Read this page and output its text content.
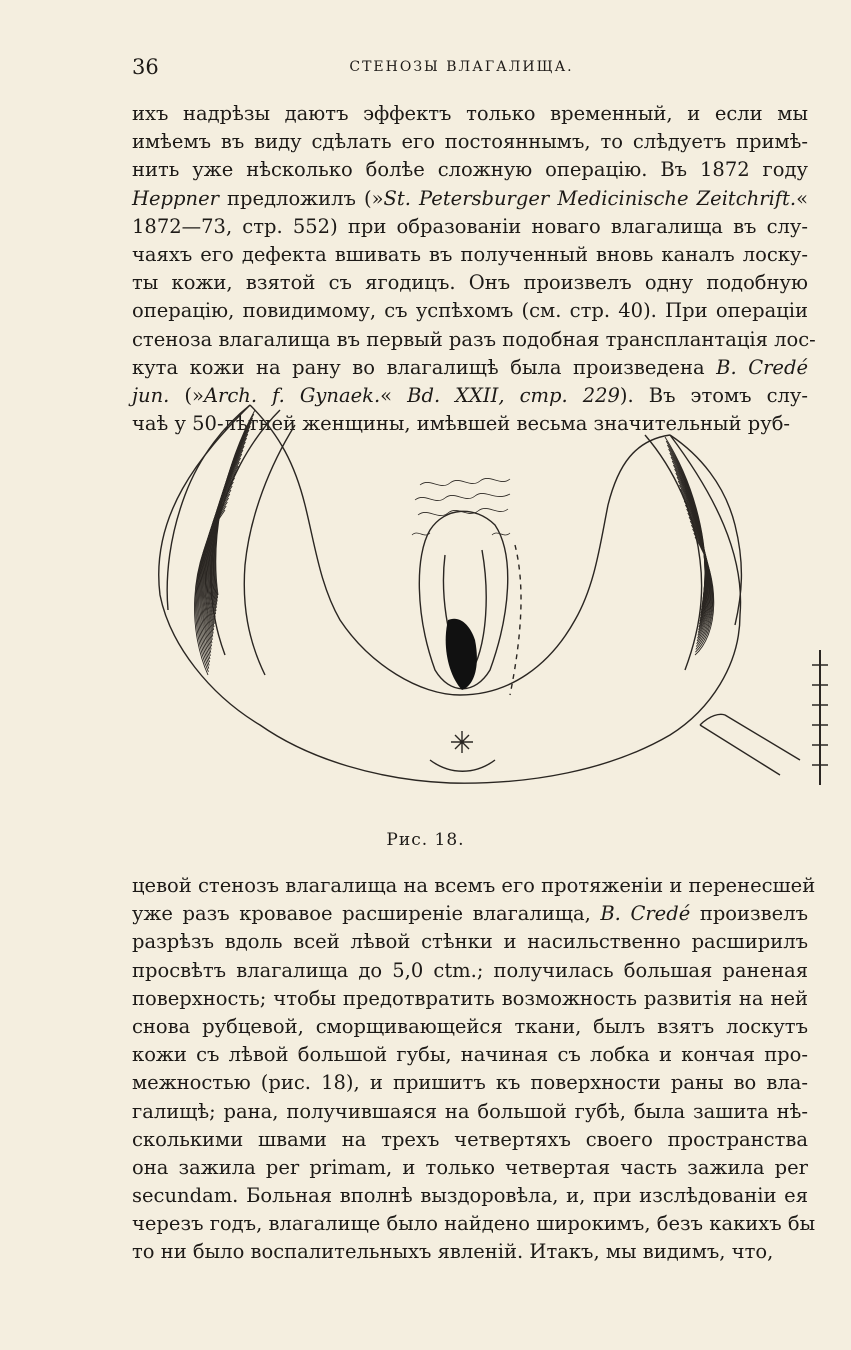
36	СТЕНОЗЫ ВЛАГАЛИЩА.
ихъ надрѣзы даютъ эффектъ только временный, и если мы
имѣемъ въ виду сдѣлать его постояннымъ, то слѣдуетъ примѣ-
нить уже нѣсколько болѣе сложную операцію. Въ 1872 году
Heppner предложилъ (»St. Petersburger Medicinische Zeitchrift.«
1872—73, стр. 552) при образованіи новаго влагалища въ слу-
чаяхъ его дефекта вшивать въ полученный вновь каналъ лоску-
ты кожи, взятой съ ягодицъ. Онъ произвелъ одну подобную
операцію, повидимому, съ успѣхомъ (см. стр. 40). При операціи
стеноза влагалища въ первый разъ подобная трансплантація лос-
кута кожи на рану во влагалищѣ была произведена B. Credé
jun. (»Arch. f. Gynaek.« Bd. XXII, стр. 229). Въ этомъ слу-
чаѣ у 50-лѣтней женщины, имѣвшей весьма значительный руб-
Рис. 18.
цевой стенозъ влагалища на всемъ его протяженіи и перенесшей
уже разъ кровавое расширеніе влагалища, B. Credé произвелъ
разрѣзъ вдоль всей лѣвой стѣнки и насильственно расширилъ
просвѣтъ влагалища до 5,0 ctm.; получилась большая раненая
поверхность; чтобы предотвратить возможность развитія на ней
снова рубцевой, сморщивающейся ткани, былъ взятъ лоскутъ
кожи съ лѣвой большой губы, начиная съ лобка и кончая про-
межностью (рис. 18), и пришитъ къ поверхности раны во вла-
галищѣ; рана, получившаяся на большой губѣ, была зашита нѣ-
сколькими швами на трехъ четвертяхъ своего пространства
она зажила per primam, и только четвертая часть зажила per
secundam. Больная вполнѣ выздоровѣла, и, при изслѣдованіи ея
черезъ годъ, влагалище было найдено широкимъ, безъ какихъ бы
то ни было воспалительныхъ явленій. Итакъ, мы видимъ, что,
